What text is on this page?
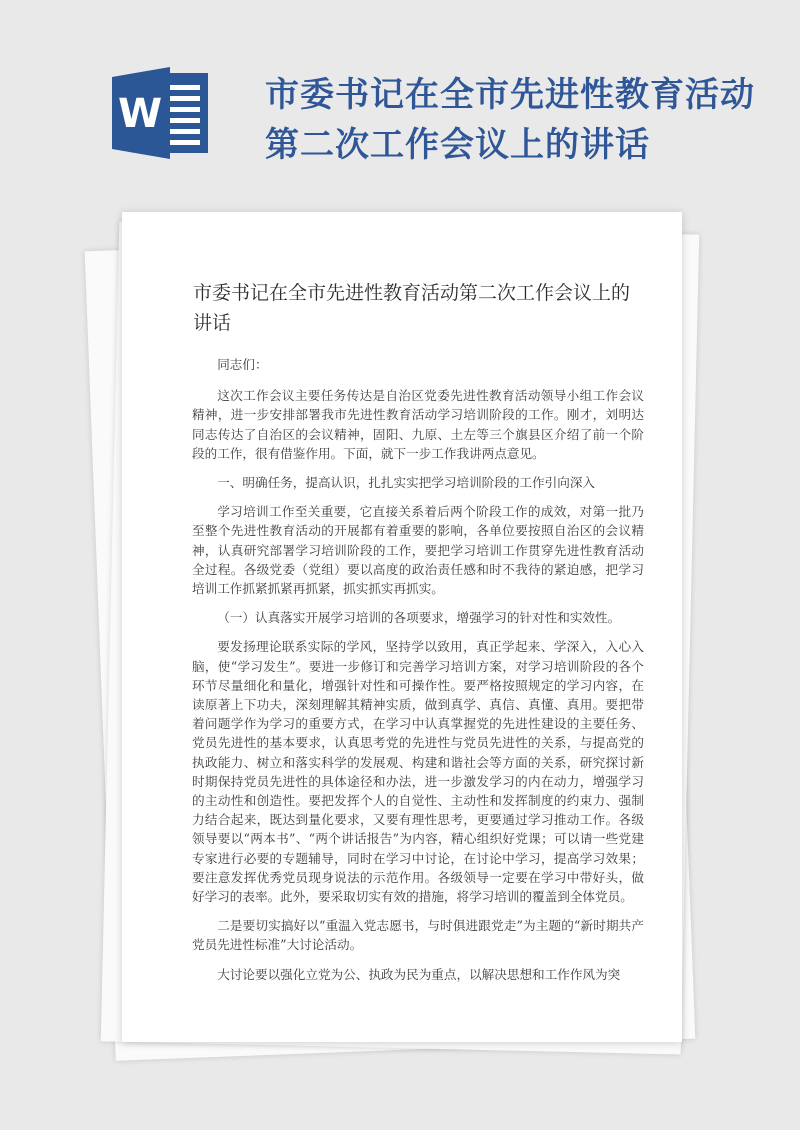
W	市委书记在全市先进性教育活动第二次工作会议上的讲话
市委书记在全市先进性教育活动第二次工作会议上的讲话

同志们：

这次工作会议主要任务传达是自治区党委先进性教育活动领导小组工作会议精神，进一步安排部署我市先进性教育活动学习培训阶段的工作。刚才，刘明达同志传达了自治区的会议精神，固阳、九原、土左等三个旗县区介绍了前一个阶段的工作，很有借鉴作用。下面，就下一步工作我讲两点意见。

一、明确任务，提高认识，扎扎实实把学习培训阶段的工作引向深入

学习培训工作至关重要，它直接关系着后两个阶段工作的成效，对第一批乃至整个先进性教育活动的开展都有着重要的影响，各单位要按照自治区的会议精神，认真研究部署学习培训阶段的工作，要把学习培训工作贯穿先进性教育活动全过程。各级党委（党组）要以高度的政治责任感和时不我待的紧迫感，把学习培训工作抓紧抓紧再抓紧，抓实抓实再抓实。

（一）认真落实开展学习培训的各项要求，增强学习的针对性和实效性。

要发扬理论联系实际的学风，坚持学以致用，真正学起来、学深入，入心入脑，使“学习发生”。要进一步修订和完善学习培训方案，对学习培训阶段的各个环节尽量细化和量化，增强针对性和可操作性。要严格按照规定的学习内容，在读原著上下功夫，深刻理解其精神实质，做到真学、真信、真懂、真用。要把带着问题学作为学习的重要方式，在学习中认真掌握党的先进性建设的主要任务、党员先进性的基本要求，认真思考党的先进性与党员先进性的关系，与提高党的执政能力、树立和落实科学的发展观、构建和谐社会等方面的关系，研究探讨新时期保持党员先进性的具体途径和办法，进一步激发学习的内在动力，增强学习的主动性和创造性。要把发挥个人的自觉性、主动性和发挥制度的约束力、强制力结合起来，既达到量化要求，又要有理性思考，更要通过学习推动工作。各级领导要以“两本书”、“两个讲话报告”为内容，精心组织好党课；可以请一些党建专家进行必要的专题辅导，同时在学习中讨论，在讨论中学习，提高学习效果；要注意发挥优秀党员现身说法的示范作用。各级领导一定要在学习中带好头，做好学习的表率。此外，要采取切实有效的措施，将学习培训的覆盖到全体党员。

二是要切实搞好以“重温入党志愿书，与时俱进跟党走”为主题的“新时期共产党员先进性标准”大讨论活动。

大讨论要以强化立党为公、执政为民为重点，以解决思想和工作作风为突
